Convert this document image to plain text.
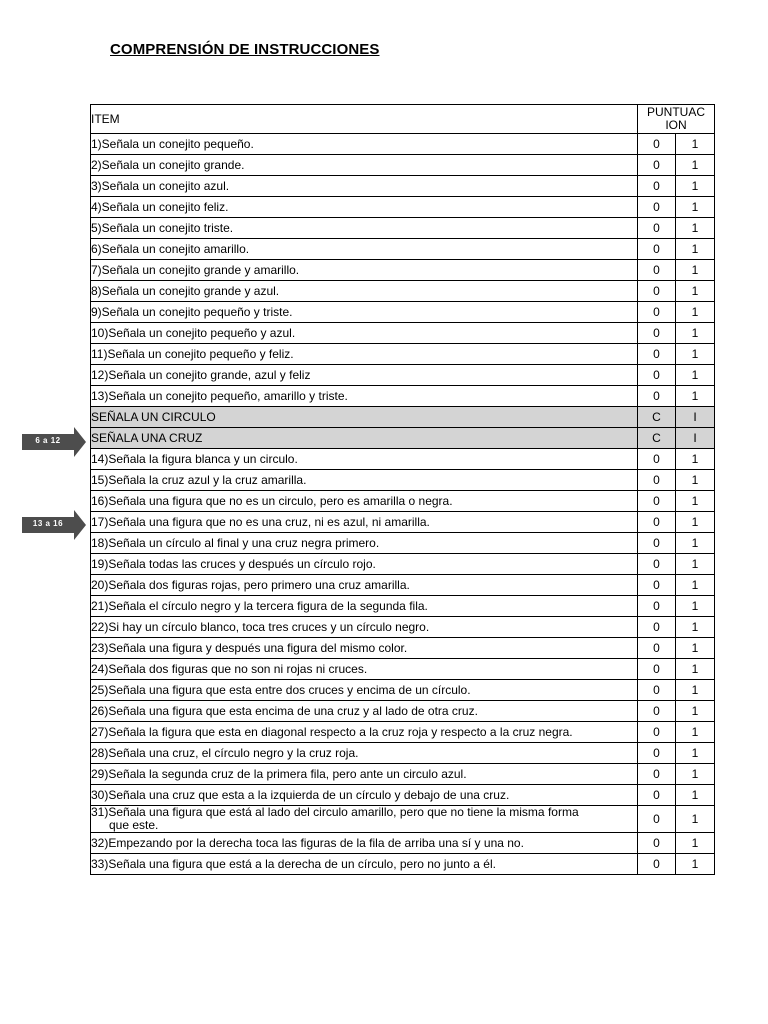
COMPRENSIÓN DE INSTRUCCIONES
ITEM	PUNTUAC
ION	

1)Señala un conejito pequeño.	0	1
2)Señala un conejito grande.	0	1
3)Señala un conejito azul.	0	1
4)Señala un conejito feliz.	0	1
5)Señala un conejito triste.	0	1
6)Señala un conejito amarillo.	0	1
7)Señala un conejito grande y amarillo.	0	1
8)Señala un conejito grande y azul.	0	1
9)Señala un conejito pequeño y triste.	0	1
10)Señala un conejito pequeño y azul.	0	1
11)Señala un conejito pequeño y feliz.	0	1
12)Señala un conejito grande, azul y feliz	0	1
13)Señala un conejito pequeño, amarillo y triste.	0	1
SEÑALA UN CIRCULO	C	I
SEÑALA UNA CRUZ	C	I
14)Señala la figura blanca y un circulo.	0	1
15)Señala la cruz azul y la cruz amarilla.	0	1
16)Señala una figura que no es un circulo, pero es amarilla o negra.	0	1
17)Señala una figura que no es una cruz, ni es azul, ni amarilla.	0	1
18)Señala un círculo al final y una cruz negra primero.	0	1
19)Señala todas las cruces y después un círculo rojo.	0	1
20)Señala dos figuras rojas, pero primero una cruz amarilla.	0	1
21)Señala el círculo negro y la tercera figura de la segunda fila.	0	1
22)Si hay un círculo blanco, toca tres cruces y un círculo negro.	0	1
23)Señala una figura y después una figura del mismo color.	0	1
24)Señala dos figuras que no son ni rojas ni cruces.	0	1
25)Señala una figura que esta entre dos cruces y encima de un círculo.	0	1
26)Señala una figura que esta encima de una cruz y al lado de otra cruz.	0	1
27)Señala la figura que esta en diagonal respecto a la cruz roja y respecto a la cruz negra.	0	1
28)Señala una cruz, el círculo negro y la cruz roja.	0	1
29)Señala la segunda cruz de la primera fila, pero ante un circulo azul.	0	1
30)Señala una cruz que esta a la izquierda de un círculo y debajo de una cruz.	0	1

31)Señala una figura que está al lado del circulo amarillo, pero que no tiene la misma forma
que este.	0	1
32)Empezando por la derecha toca las figuras de la fila de arriba una sí y una no.	0	1
33)Señala una figura que está a la derecha de un círculo, pero no junto a él.	0	1
6 a 12
13 a 16
